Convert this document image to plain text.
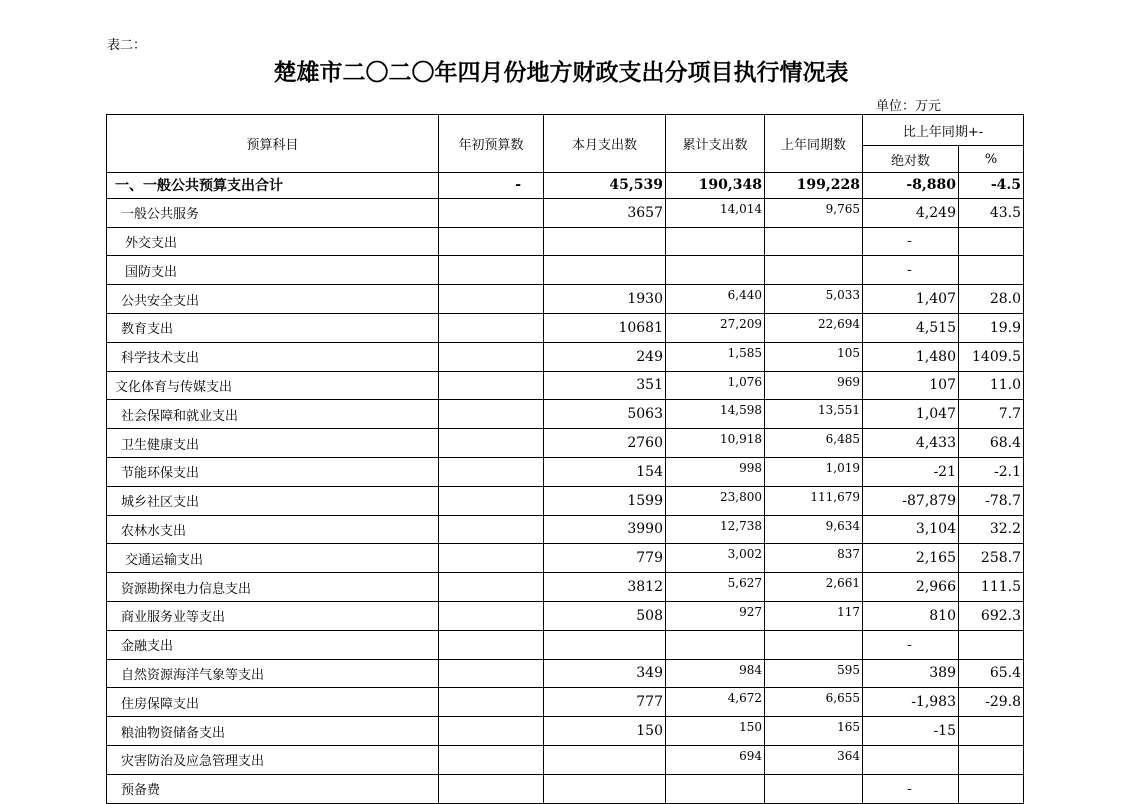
表二：
楚雄市二〇二〇年四月份地方财政支出分项目执行情况表
单位：万元
预算科目	年初预算数	本月支出数	累计支出数	上年同期数	比上年同期+-	
					绝对数	%
一、一般公共预算支出合计	-	45,539	190,348	199,228	-8,880	-4.5
一般公共服务		3657	14,014	9,765	4,249	43.5
外交支出					-	
国防支出					-	
公共安全支出		1930	6,440	5,033	1,407	28.0
教育支出		10681	27,209	22,694	4,515	19.9
科学技术支出		249	1,585	105	1,480	1409.5
文化体育与传媒支出		351	1,076	969	107	11.0
社会保障和就业支出		5063	14,598	13,551	1,047	7.7
卫生健康支出		2760	10,918	6,485	4,433	68.4
节能环保支出		154	998	1,019	-21	-2.1
城乡社区支出		1599	23,800	111,679	-87,879	-78.7
农林水支出		3990	12,738	9,634	3,104	32.2
交通运输支出		779	3,002	837	2,165	258.7
资源勘探电力信息支出		3812	5,627	2,661	2,966	111.5
商业服务业等支出		508	927	117	810	692.3
金融支出					-	
自然资源海洋气象等支出		349	984	595	389	65.4
住房保障支出		777	4,672	6,655	-1,983	-29.8
粮油物资储备支出		150	150	165	-15	
灾害防治及应急管理支出			694	364		
预备费					-	
